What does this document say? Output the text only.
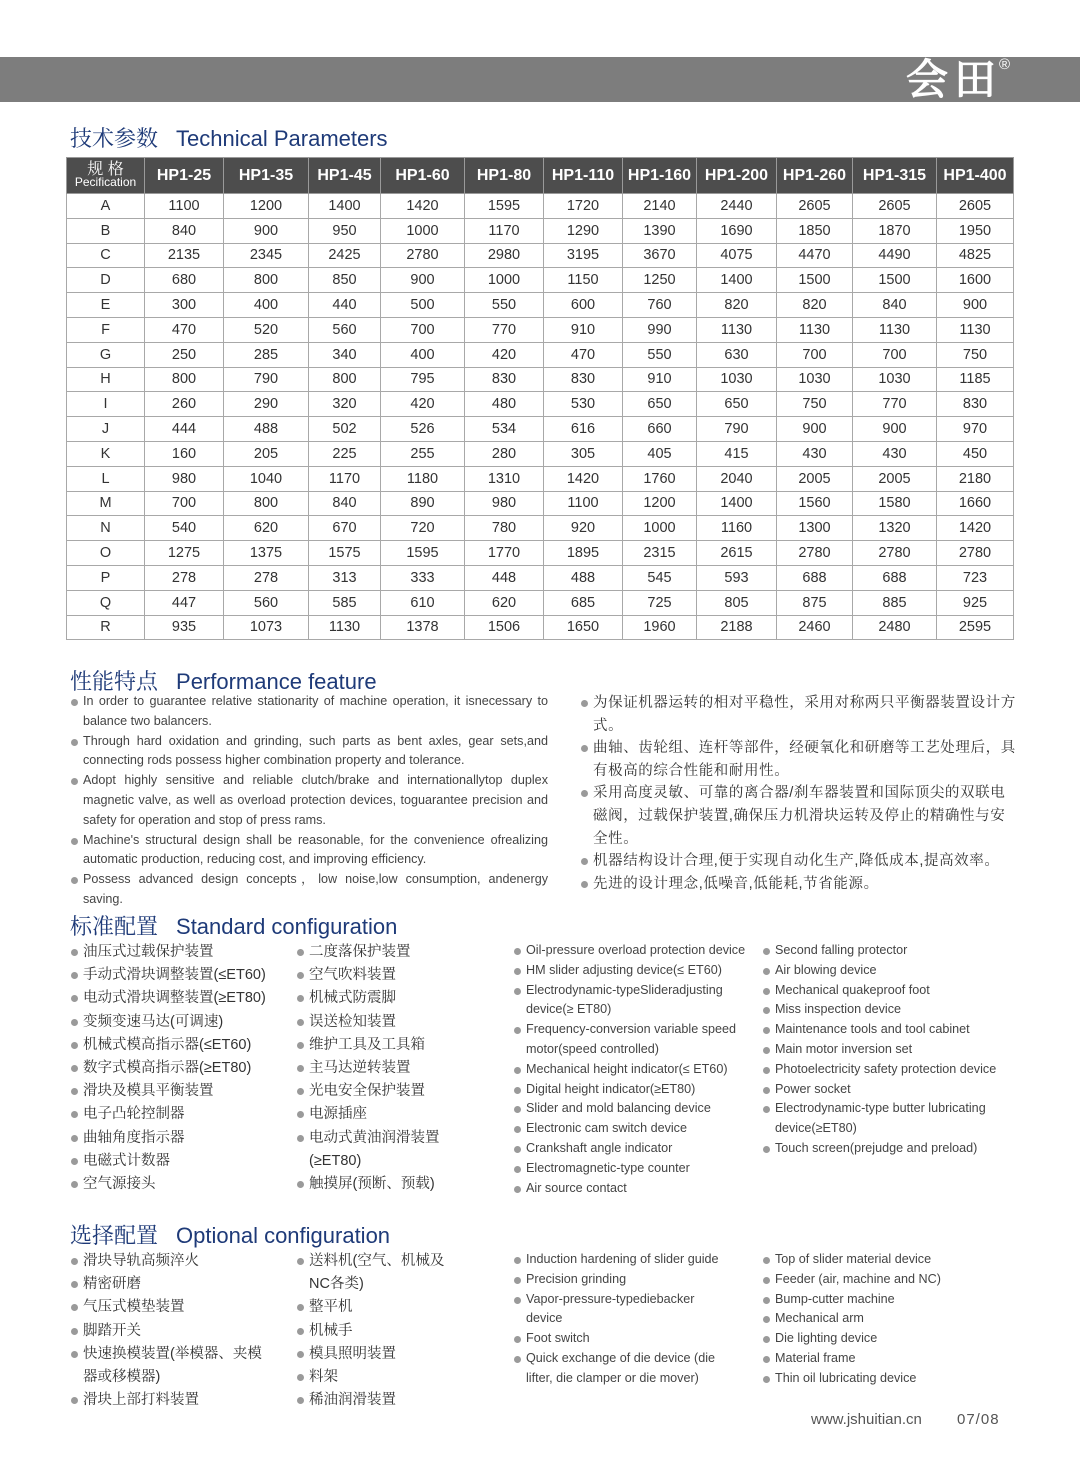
会田
®
技术参数 Technical Parameters
规 格
Pecification	HP1-25	HP1-35	HP1-45	HP1-60	HP1-80	HP1-110	HP1-160	HP1-200	HP1-260	HP1-315	HP1-400
A	1100	1200	1400	1420	1595	1720	2140	2440	2605	2605	2605
B	840	900	950	1000	1170	1290	1390	1690	1850	1870	1950
C	2135	2345	2425	2780	2980	3195	3670	4075	4470	4490	4825
D	680	800	850	900	1000	1150	1250	1400	1500	1500	1600
E	300	400	440	500	550	600	760	820	820	840	900
F	470	520	560	700	770	910	990	1130	1130	1130	1130
G	250	285	340	400	420	470	550	630	700	700	750
H	800	790	800	795	830	830	910	1030	1030	1030	1185
I	260	290	320	420	480	530	650	650	750	770	830
J	444	488	502	526	534	616	660	790	900	900	970
K	160	205	225	255	280	305	405	415	430	430	450
L	980	1040	1170	1180	1310	1420	1760	2040	2005	2005	2180
M	700	800	840	890	980	1100	1200	1400	1560	1580	1660
N	540	620	670	720	780	920	1000	1160	1300	1320	1420
O	1275	1375	1575	1595	1770	1895	2315	2615	2780	2780	2780
P	278	278	313	333	448	488	545	593	688	688	723
Q	447	560	585	610	620	685	725	805	875	885	925
R	935	1073	1130	1378	1506	1650	1960	2188	2460	2480	2595
性能特点 Performance feature
In order to guarantee relative stationarity of machine operation, it isnecessary to balance two balancers.
Through hard oxidation and grinding, such parts as bent axles, gear sets,and connecting rods possess higher combination property and tolerance.
Adopt highly sensitive and reliable clutch/brake and internationallytop duplex magnetic valve, as well as overload protection devices, toguarantee precision and safety for operation and stop of press rams.
Machine's structural design shall be reasonable, for the convenience ofrealizing automatic production, reducing cost, and improving efficiency.
Possess advanced design concepts，low noise,low consumption, andenergy saving.
为保证机器运转的相对平稳性，采用对称两只平衡器装置设计方式。
曲轴、齿轮组、连杆等部件，经硬氧化和研磨等工艺处理后，具有极高的综合性能和耐用性。
采用高度灵敏、可靠的离合器/刹车器装置和国际顶尖的双联电磁阀，过载保护装置,确保压力机滑块运转及停止的精确性与安全性。
机器结构设计合理,便于实现自动化生产,降低成本,提高效率。
先进的设计理念,低噪音,低能耗,节省能源。
标准配置 Standard configuration
油压式过载保护装置
手动式滑块调整装置(≤ET60)
电动式滑块调整装置(≥ET80)
变频变速马达(可调速)
机械式模高指示器(≤ET60)
数字式模高指示器(≥ET80)
滑块及模具平衡装置
电子凸轮控制器
曲轴角度指示器
电磁式计数器
空气源接头
二度落保护装置
空气吹料装置
机械式防震脚
误送检知装置
维护工具及工具箱
主马达逆转装置
光电安全保护装置
电源插座
电动式黄油润滑装置(≥ET80)
触摸屏(预断、预载)
Oil-pressure overload protection device
HM slider adjusting device(≤ ET60)
Electrodynamic-typeSlideradjusting device(≥ ET80)
Frequency-conversion variable speed motor(speed controlled)
Mechanical height indicator(≤ ET60)
Digital height indicator(≥ET80)
Slider and mold balancing device
Electronic cam switch device
Crankshaft angle indicator
Electromagnetic-type counter
Air source contact
Second falling protector
Air blowing device
Mechanical quakeproof foot
Miss inspection device
Maintenance tools and tool cabinet
Main motor inversion set
Photoelectricity safety protection device
Power socket
Electrodynamic-type butter lubricating device(≥ET80)
Touch screen(prejudge and preload)
选择配置 Optional configuration
滑块导轨高频淬火
精密研磨
气压式模垫装置
脚踏开关
快速换模装置(举模器、夹模器或移模器)
滑块上部打料装置
送料机(空气、机械及NC各类)
整平机
机械手
模具照明装置
料架
稀油润滑装置
Induction hardening of slider guide
Precision grinding
Vapor-pressure-typediebacker device
Foot switch
Quick exchange of die device (die lifter, die clamper or die mover)
Top of slider material device
Feeder (air, machine and NC)
Bump-cutter machine
Mechanical arm
Die lighting device
Material frame
Thin oil lubricating device
www.jshuitian.cn 07/08
